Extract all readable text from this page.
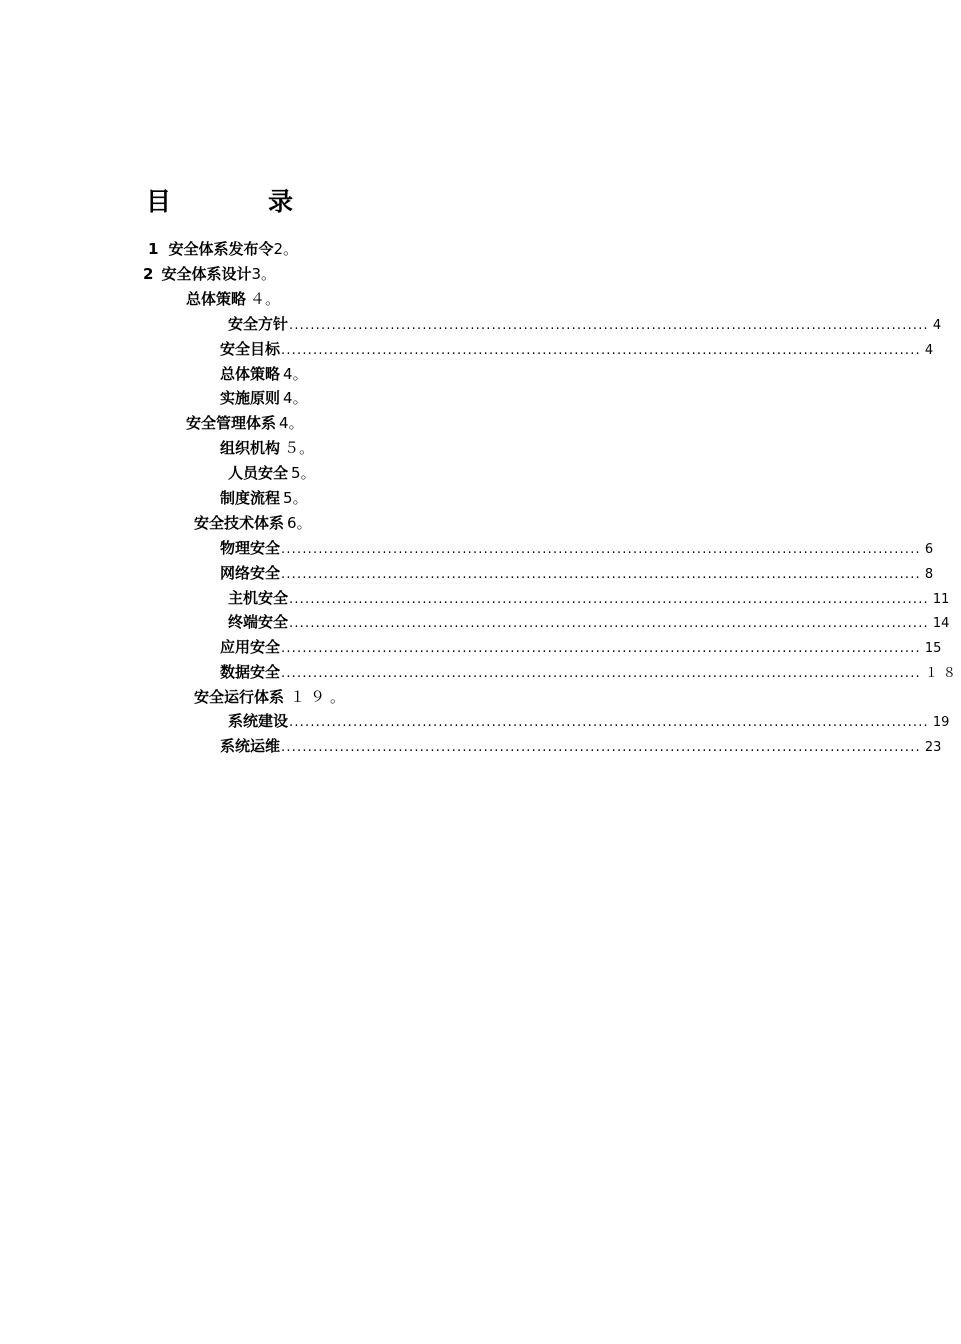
目　录
1 安全体系发布令 2 。
2 安全体系设计 3 。
总体策略 ４ 。
安全方针 ........................................................................................................................ 4
安全目标 ........................................................................................................................ 4
总体策略 4 。
实施原则 4 。
安全管理体系 4 。
组织机构 ５ 。
人员安全 5 。
制度流程 5 。
安全技术体系 6 。
物理安全 ........................................................................................................................ 6
网络安全 ........................................................................................................................ 8
主机安全 ........................................................................................................................ 11
终端安全 ........................................................................................................................ 14
应用安全 ........................................................................................................................ 15
数据安全 ........................................................................................................................ １８
安全运行体系 １９ 。
系统建设 ........................................................................................................................ 19
系统运维 ........................................................................................................................ 23
